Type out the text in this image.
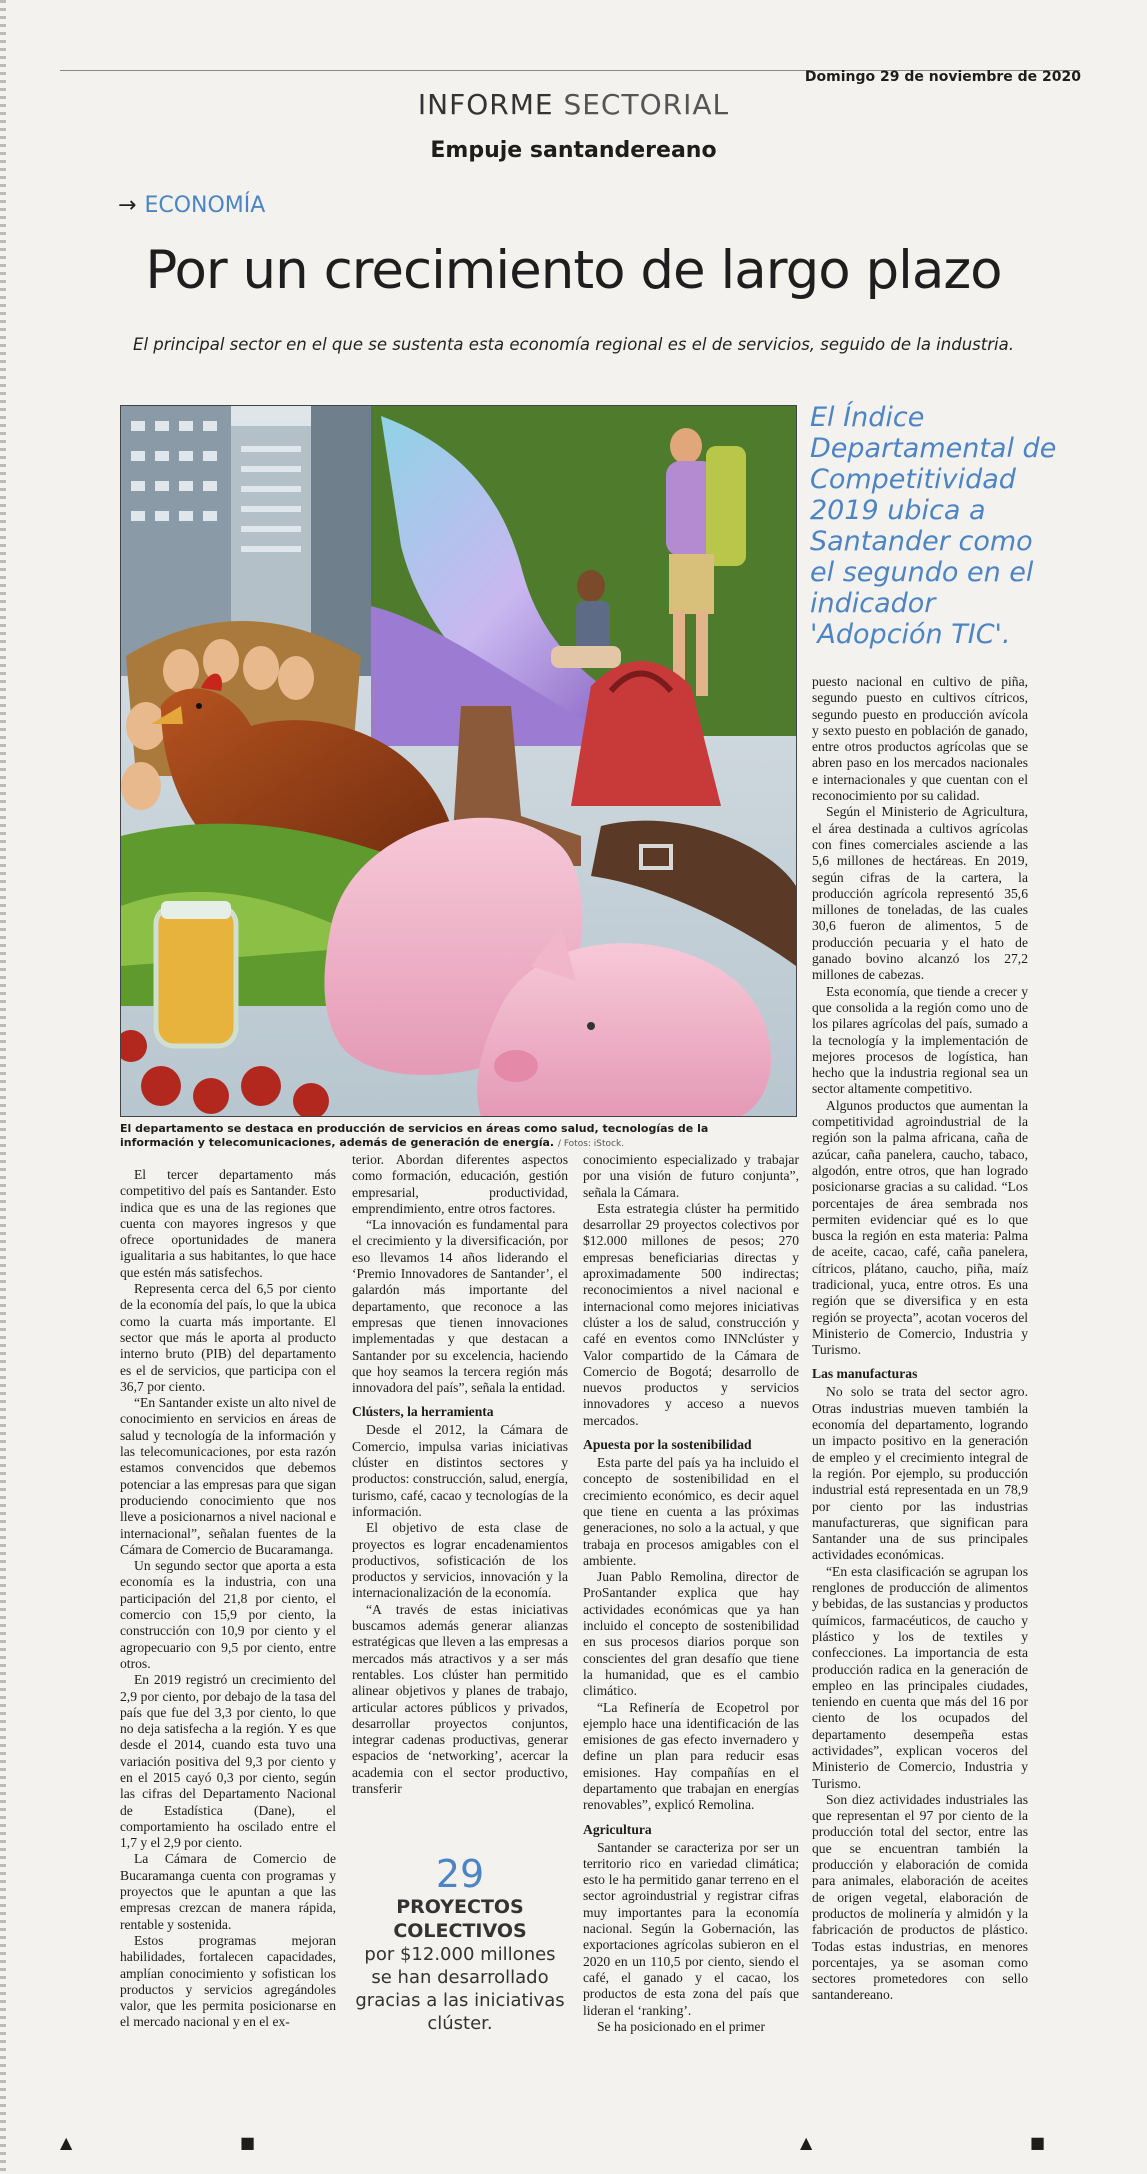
Domingo 29 de noviembre de 2020
INFORME SECTORIAL
Empuje santandereano
→ ECONOMÍA
Por un crecimiento de largo plazo
El principal sector en el que se sustenta esta economía regional es el de servicios, seguido de la industria.
El departamento se destaca en producción de servicios en áreas como salud, tecnologías de la información y telecomunicaciones, además de generación de energía. / Fotos: iStock.
El Índice Departamental de Competitividad 2019 ubica a Santander como el segundo en el indicador 'Adopción TIC'.

El tercer departamento más competitivo del país es Santander. Esto indica que es una de las regiones que cuenta con mayores ingresos y que ofrece oportunidades de manera igualitaria a sus habitantes, lo que hace que estén más satisfechos.

Representa cerca del 6,5 por ciento de la economía del país, lo que la ubica como la cuarta más importante. El sector que más le aporta al producto interno bruto (PIB) del departamento es el de servicios, que participa con el 36,7 por ciento.

“En Santander existe un alto nivel de conocimiento en servicios en áreas de salud y tecnología de la información y las telecomunicaciones, por esta razón estamos convencidos que debemos potenciar a las empresas para que sigan produciendo conocimiento que nos lleve a posicionarnos a nivel nacional e internacional”, señalan fuentes de la Cámara de Comercio de Bucaramanga.

Un segundo sector que aporta a esta economía es la industria, con una participación del 21,8 por ciento, el comercio con 15,9 por ciento, la construcción con 10,9 por ciento y el agropecuario con 9,5 por ciento, entre otros.

En 2019 registró un crecimiento del 2,9 por ciento, por debajo de la tasa del país que fue del 3,3 por ciento, lo que no deja satisfecha a la región. Y es que desde el 2014, cuando esta tuvo una variación positiva del 9,3 por ciento y en el 2015 cayó 0,3 por ciento, según las cifras del Departamento Nacional de Estadística (Dane), el comportamiento ha oscilado entre el 1,7 y el 2,9 por ciento.

La Cámara de Comercio de Bucaramanga cuenta con programas y proyectos que le apuntan a que las empresas crezcan de manera rápida, rentable y sostenida.

Estos programas mejoran habilidades, fortalecen capacidades, amplían conocimiento y sofistican los productos y servicios agregándoles valor, que les permita posicionarse en el mercado nacional y en el ex-

terior. Abordan diferentes aspectos como formación, educación, gestión empresarial, productividad, emprendimiento, entre otros factores.

“La innovación es fundamental para el crecimiento y la diversificación, por eso llevamos 14 años liderando el ‘Premio Innovadores de Santander’, el galardón más importante del departamento, que reconoce a las empresas que tienen innovaciones implementadas y que destacan a Santander por su excelencia, haciendo que hoy seamos la tercera región más innovadora del país”, señala la entidad.

Clústers, la herramienta

Desde el 2012, la Cámara de Comercio, impulsa varias iniciativas clúster en distintos sectores y productos: construcción, salud, energía, turismo, café, cacao y tecnologías de la información.

El objetivo de esta clase de proyectos es lograr encadenamientos productivos, sofisticación de los productos y servicios, innovación y la internacionalización de la economía.

“A través de estas iniciativas buscamos además generar alianzas estratégicas que lleven a las empresas a mercados más atractivos y a ser más rentables. Los clúster han permitido alinear objetivos y planes de trabajo, articular actores públicos y privados, desarrollar proyectos conjuntos, integrar cadenas productivas, generar espacios de ‘networking’, acercar la academia con el sector productivo, transferir

29
PROYECTOS COLECTIVOS
por $12.000 millones se han desarrollado gracias a las iniciativas clúster.

conocimiento especializado y trabajar por una visión de futuro conjunta”, señala la Cámara.

Esta estrategia clúster ha permitido desarrollar 29 proyectos colectivos por $12.000 millones de pesos; 270 empresas beneficiarias directas y aproximadamente 500 indirectas; reconocimientos a nivel nacional e internacional como mejores iniciativas clúster a los de salud, construcción y café en eventos como INNclúster y Valor compartido de la Cámara de Comercio de Bogotá; desarrollo de nuevos productos y servicios innovadores y acceso a nuevos mercados.

Apuesta por la sostenibilidad

Esta parte del país ya ha incluido el concepto de sostenibilidad en el crecimiento económico, es decir aquel que tiene en cuenta a las próximas generaciones, no solo a la actual, y que trabaja en procesos amigables con el ambiente.

Juan Pablo Remolina, director de ProSantander explica que hay actividades económicas que ya han incluido el concepto de sostenibilidad en sus procesos diarios porque son conscientes del gran desafío que tiene la humanidad, que es el cambio climático.

“La Refinería de Ecopetrol por ejemplo hace una identificación de las emisiones de gas efecto invernadero y define un plan para reducir esas emisiones. Hay compañías en el departamento que trabajan en energías renovables”, explicó Remolina.

Agricultura

Santander se caracteriza por ser un territorio rico en variedad climática; esto le ha permitido ganar terreno en el sector agroindustrial y registrar cifras muy importantes para la economía nacional. Según la Gobernación, las exportaciones agrícolas subieron en el 2020 en un 110,5 por ciento, siendo el café, el ganado y el cacao, los productos de esta zona del país que lideran el ‘ranking’.

Se ha posicionado en el primer

puesto nacional en cultivo de piña, segundo puesto en cultivos cítricos, segundo puesto en producción avícola y sexto puesto en población de ganado, entre otros productos agrícolas que se abren paso en los mercados nacionales e internacionales y que cuentan con el reconocimiento por su calidad.

Según el Ministerio de Agricultura, el área destinada a cultivos agrícolas con fines comerciales asciende a las 5,6 millones de hectáreas. En 2019, según cifras de la cartera, la producción agrícola representó 35,6 millones de toneladas, de las cuales 30,6 fueron de alimentos, 5 de producción pecuaria y el hato de ganado bovino alcanzó los 27,2 millones de cabezas.

Esta economía, que tiende a crecer y que consolida a la región como uno de los pilares agrícolas del país, sumado a la tecnología y la implementación de mejores procesos de logística, han hecho que la industria regional sea un sector altamente competitivo.

Algunos productos que aumentan la competitividad agroindustrial de la región son la palma africana, caña de azúcar, caña panelera, caucho, tabaco, algodón, entre otros, que han logrado posicionarse gracias a su calidad. “Los porcentajes de área sembrada nos permiten evidenciar qué es lo que busca la región en esta materia: Palma de aceite, cacao, café, caña panelera, cítricos, plátano, caucho, piña, maíz tradicional, yuca, entre otros. Es una región que se diversifica y en esta región se proyecta”, acotan voceros del Ministerio de Comercio, Industria y Turismo.

Las manufacturas

No solo se trata del sector agro. Otras industrias mueven también la economía del departamento, logrando un impacto positivo en la generación de empleo y el crecimiento integral de la región. Por ejemplo, su producción industrial está representada en un 78,9 por ciento por las industrias manufactureras, que significan para Santander una de sus principales actividades económicas.

“En esta clasificación se agrupan los renglones de producción de alimentos y bebidas, de las sustancias y productos químicos, farmacéuticos, de caucho y plástico y los de textiles y confecciones. La importancia de esta producción radica en la generación de empleo en las principales ciudades, teniendo en cuenta que más del 16 por ciento de los ocupados del departamento desempeña estas actividades”, explican voceros del Ministerio de Comercio, Industria y Turismo.

Son diez actividades industriales las que representan el 97 por ciento de la producción total del sector, entre las que se encuentran también la producción y elaboración de comida para animales, elaboración de aceites de origen vegetal, elaboración de productos de molinería y almidón y la fabricación de productos de plástico. Todas estas industrias, en menores porcentajes, ya se asoman como sectores prometedores con sello santandereano.

▲	■	▲	■
